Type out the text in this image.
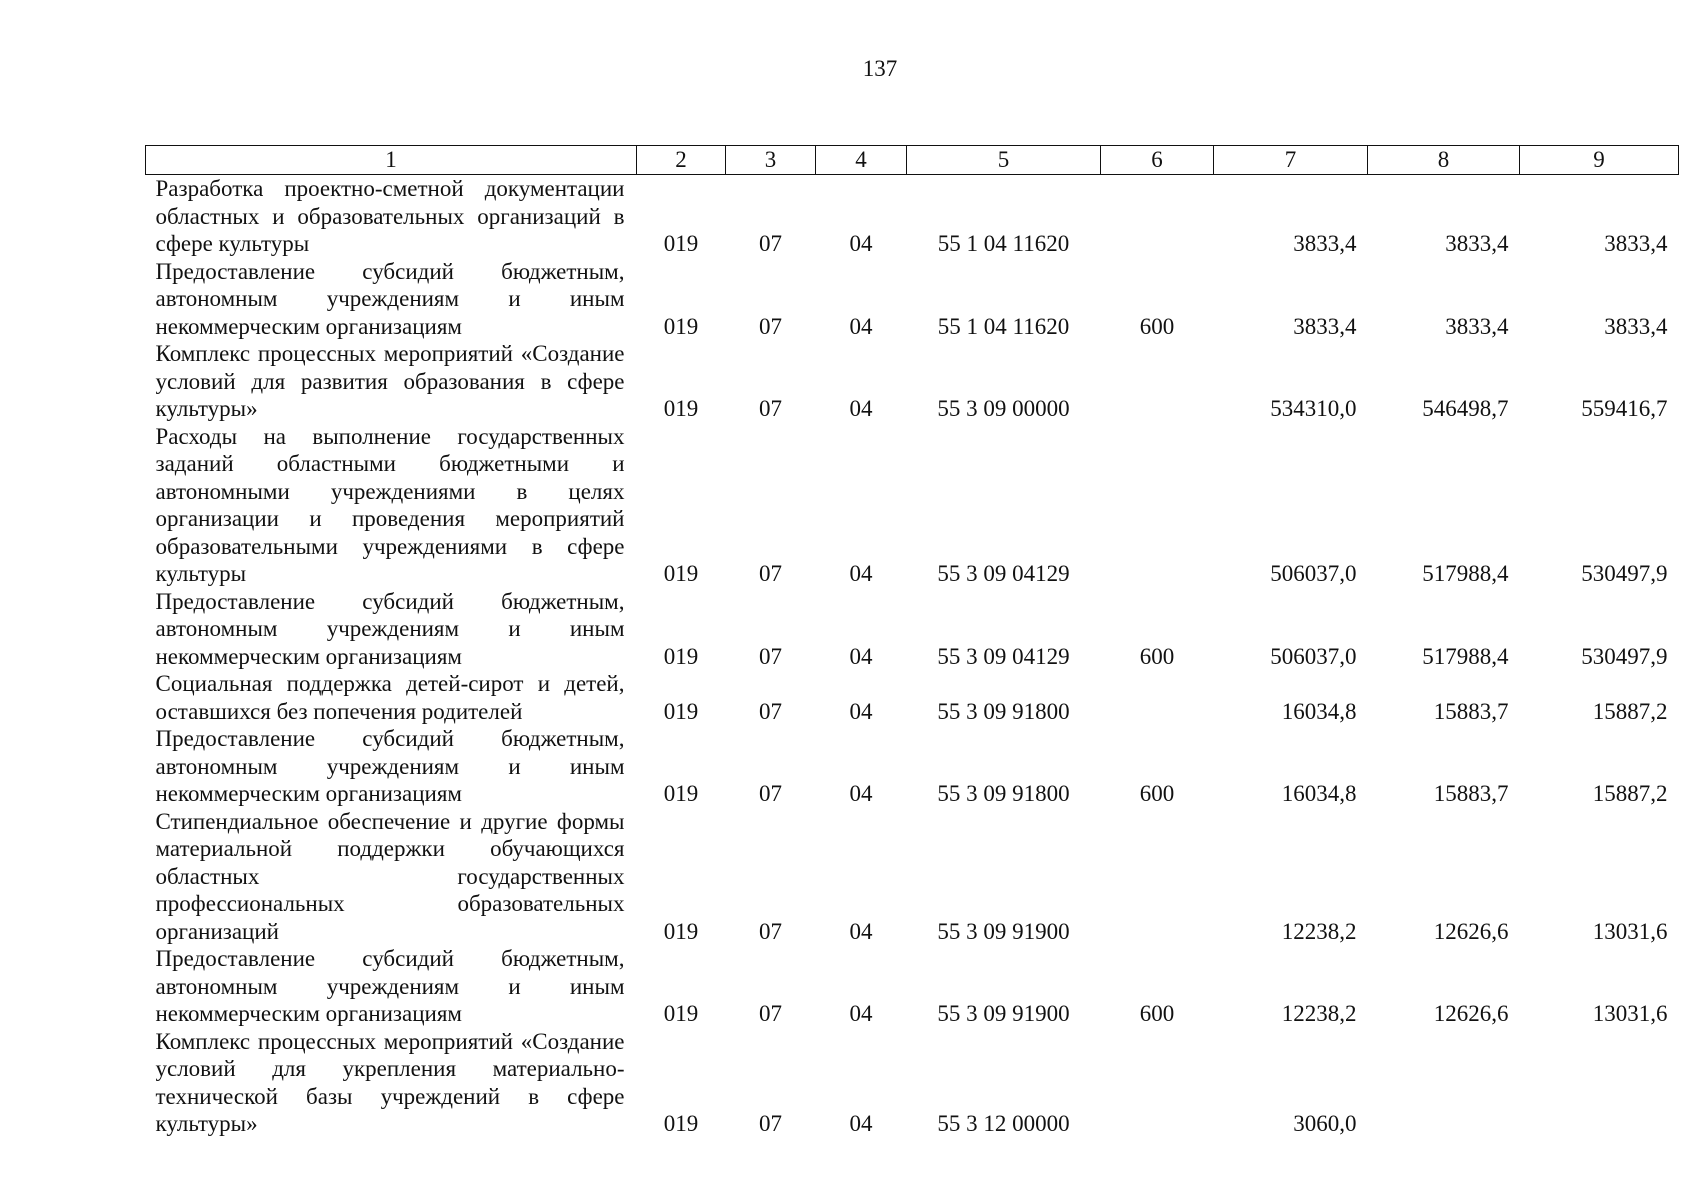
137
1	2	3	4	5	6	7	8	9
Разработка проектно-сметной документации областных и образовательных организаций в сфере культуры	019	07	04	55 1 04 11620		3833,4	3833,4	3833,4
Предоставление субсидий бюджетным, автономным учреждениям и иным некоммерческим организациям	019	07	04	55 1 04 11620	600	3833,4	3833,4	3833,4
Комплекс процессных мероприятий «Создание условий для развития образования в сфере культуры»	019	07	04	55 3 09 00000		534310,0	546498,7	559416,7
Расходы на выполнение государственных заданий областными бюджетными и автономными учреждениями в целях организации и проведения мероприятий образовательными учреждениями в сфере культуры	019	07	04	55 3 09 04129		506037,0	517988,4	530497,9
Предоставление субсидий бюджетным, автономным учреждениям и иным некоммерческим организациям	019	07	04	55 3 09 04129	600	506037,0	517988,4	530497,9
Социальная поддержка детей-сирот и детей, оставшихся без попечения родителей	019	07	04	55 3 09 91800		16034,8	15883,7	15887,2
Предоставление субсидий бюджетным, автономным учреждениям и иным некоммерческим организациям	019	07	04	55 3 09 91800	600	16034,8	15883,7	15887,2
Стипендиальное обеспечение и другие формы материальной поддержки обучающихся областных государственных профессиональных образовательных организаций	019	07	04	55 3 09 91900		12238,2	12626,6	13031,6
Предоставление субсидий бюджетным, автономным учреждениям и иным некоммерческим организациям	019	07	04	55 3 09 91900	600	12238,2	12626,6	13031,6
Комплекс процессных мероприятий «Создание условий для укрепления материально-технической базы учреждений в сфере культуры»	019	07	04	55 3 12 00000		3060,0		
